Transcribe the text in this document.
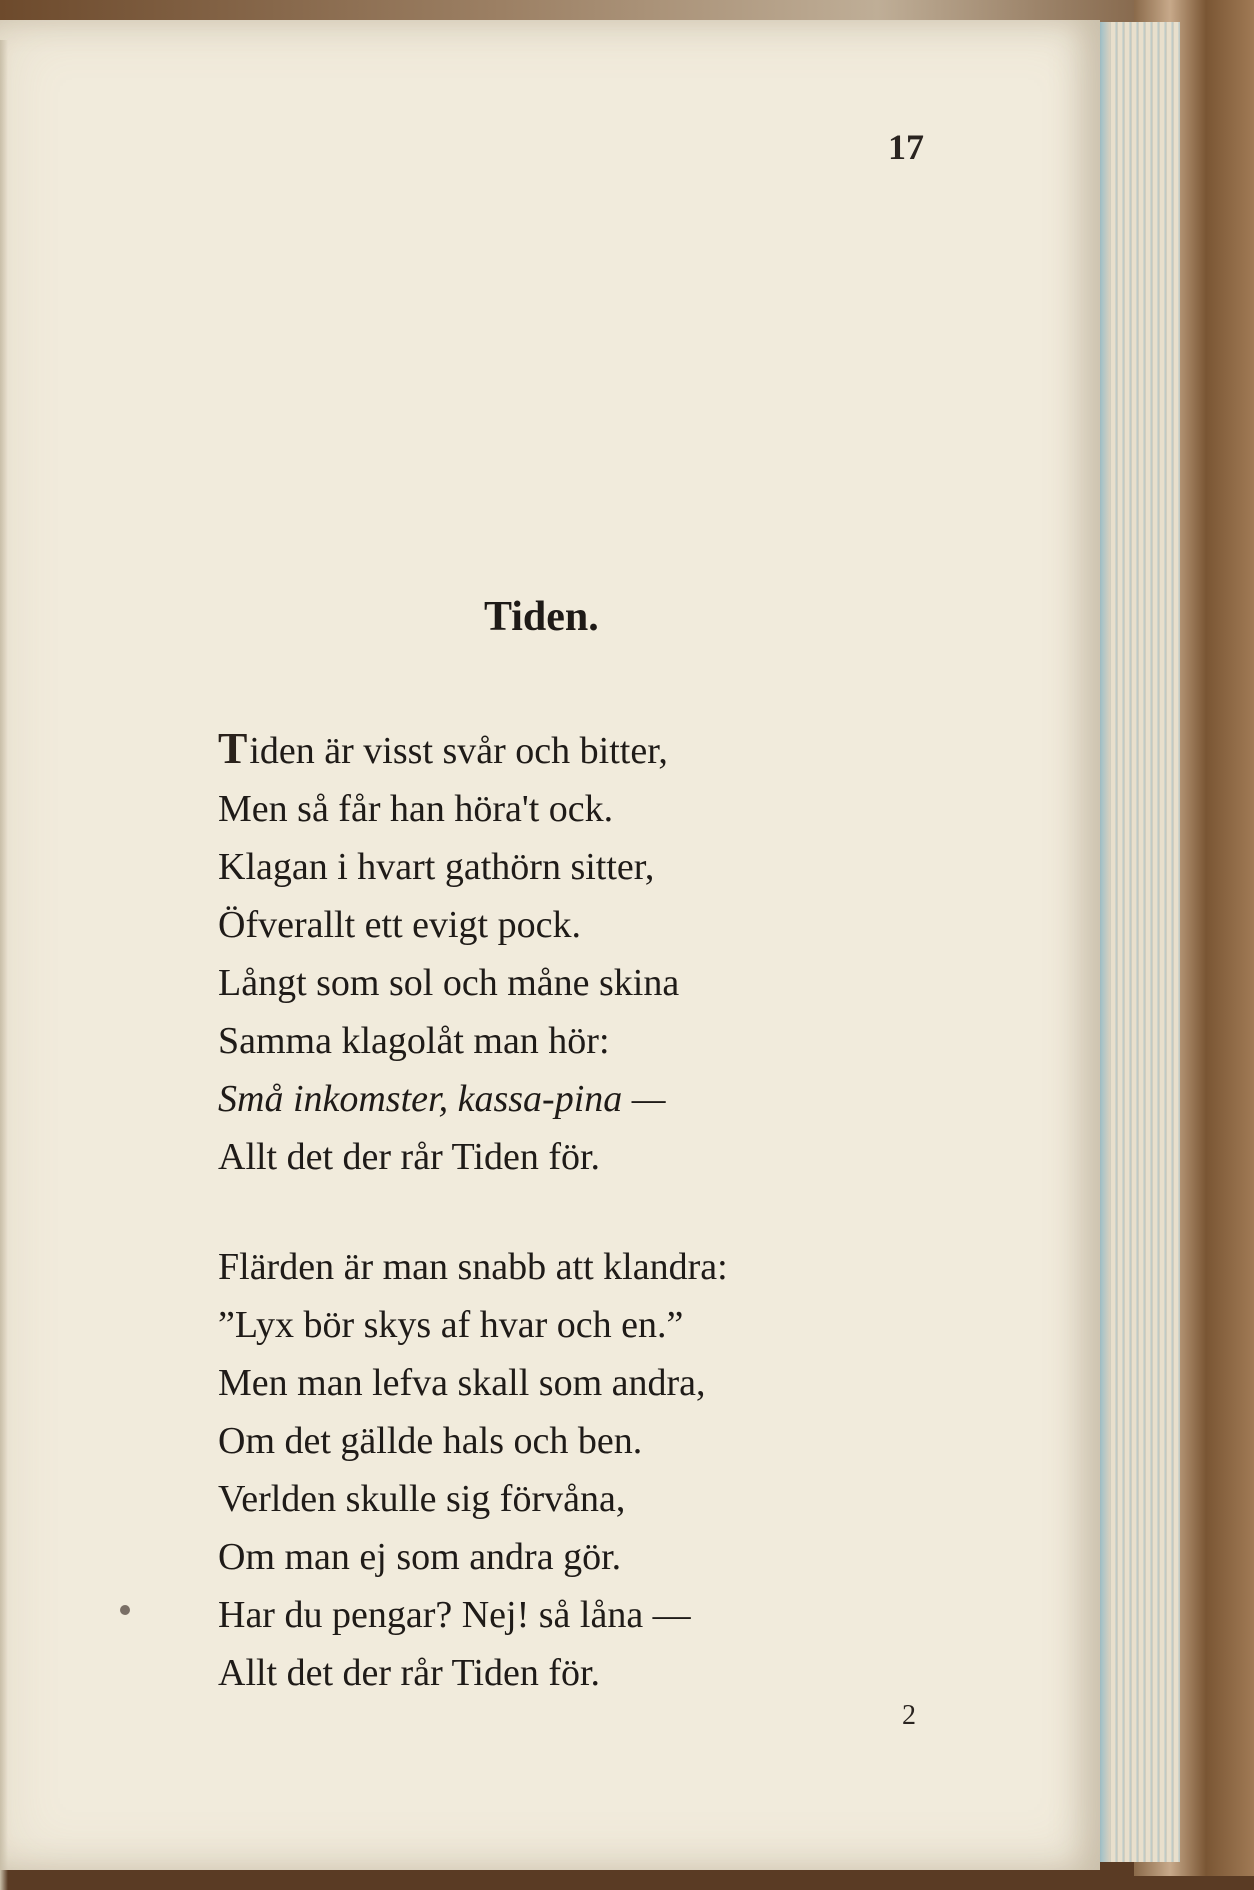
17
Tiden.
Tiden är visst svår och bitter,
Men så får han höra't ock.
Klagan i hvart gathörn sitter,
Öfverallt ett evigt pock.
Långt som sol och måne skina
Samma klagolåt man hör:
Små inkomster, kassa-pina —
Allt det der rår Tiden för.
Flärden är man snabb att klandra:
”Lyx bör skys af hvar och en.”
Men man lefva skall som andra,
Om det gällde hals och ben.
Verlden skulle sig förvåna,
Om man ej som andra gör.
Har du pengar? Nej! så låna —
Allt det der rår Tiden för.
2
